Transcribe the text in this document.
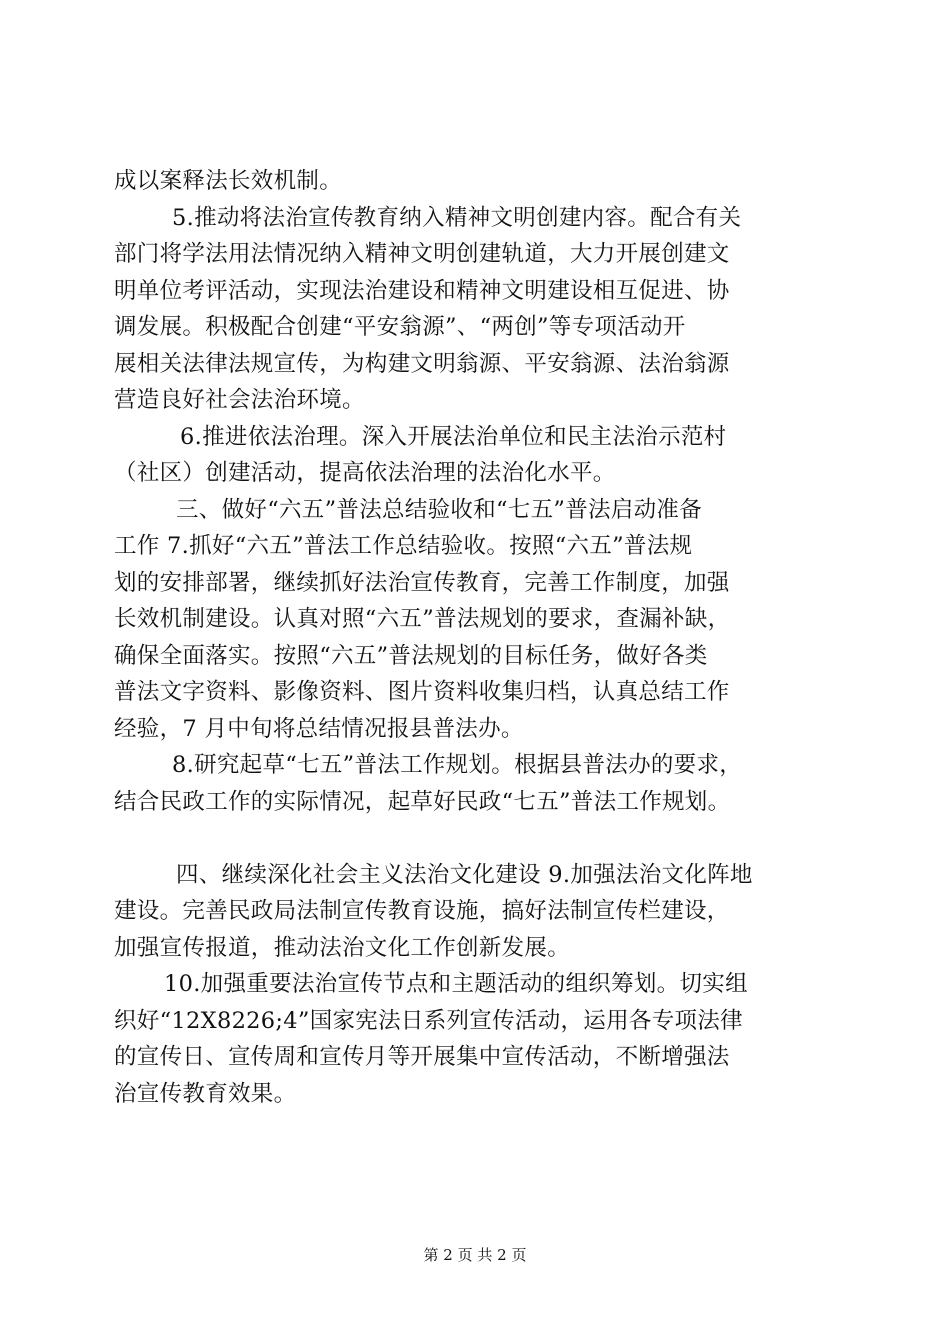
成以案释法长效机制。
5.推动将法治宣传教育纳入精神文明创建内容。配合有关
部门将学法用法情况纳入精神文明创建轨道，大力开展创建文
明单位考评活动，实现法治建设和精神文明建设相互促进、协
调发展。积极配合创建“平安翁源”、“两创”等专项活动开
展相关法律法规宣传，为构建文明翁源、平安翁源、法治翁源
营造良好社会法治环境。
6.推进依法治理。深入开展法治单位和民主法治示范村
（社区）创建活动，提高依法治理的法治化水平。
三、做好“六五”普法总结验收和“七五”普法启动准备
工作 7.抓好“六五”普法工作总结验收。按照“六五”普法规
划的安排部署，继续抓好法治宣传教育，完善工作制度，加强
长效机制建设。认真对照“六五”普法规划的要求，查漏补缺，
确保全面落实。按照“六五”普法规划的目标任务，做好各类
普法文字资料、影像资料、图片资料收集归档，认真总结工作
经验，7 月中旬将总结情况报县普法办。
8.研究起草“七五”普法工作规划。根据县普法办的要求，
结合民政工作的实际情况，起草好民政“七五”普法工作规划。
四、继续深化社会主义法治文化建设 9.加强法治文化阵地
建设。完善民政局法制宣传教育设施，搞好法制宣传栏建设，
加强宣传报道，推动法治文化工作创新发展。
10.加强重要法治宣传节点和主题活动的组织筹划。切实组
织好“12X8226;4”国家宪法日系列宣传活动，运用各专项法律
的宣传日、宣传周和宣传月等开展集中宣传活动，不断增强法
治宣传教育效果。
第 2 页 共 2 页
